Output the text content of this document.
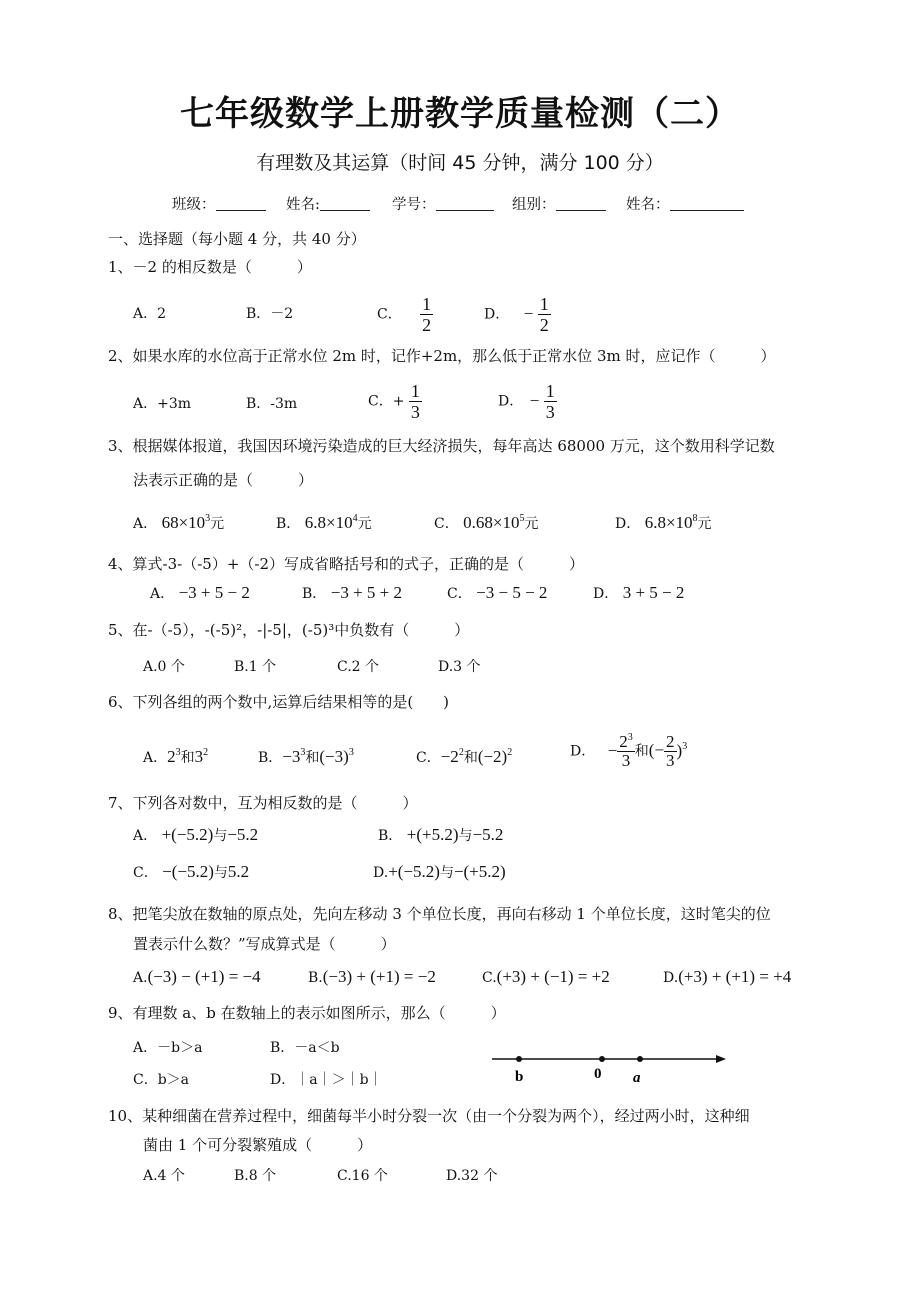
七年级数学上册教学质量检测（二）
有理数及其运算（时间 45 分钟，满分 100 分）
班级：	姓名:	学号：	组别：	姓名：
一、选择题（每小题 4 分，共 40 分）
1、－2 的相反数是（　　　）
A．2	B．－2	C． $\frac{1}{2}$	D． − $\frac{1}{2}$
2、如果水库的水位高于正常水位 2m 时，记作+2m，那么低于正常水位 3m 时，应记作（　　　）
A．+3m	B．-3m	C．+ $\frac{1}{3}$	D． − $\frac{1}{3}$
3、根据媒体报道，我国因环境污染造成的巨大经济损失，每年高达 68000 万元，这个数用科学记数
法表示正确的是（　　　）
A． $68\times 10^3$元	B． $6.8\times 10^4$元	C． $0.68\times 10^5$元	D． $6.8\times 10^8$元
4、算式-3-（-5）+（-2）写成省略括号和的式子，正确的是（　　　）
A． −3 + 5 − 2	B． −3 + 5 + 2	C． −3 − 5 − 2	D． 3 + 5 − 2
5、在-（-5），-(-5)²，-|-5|，(-5)³中负数有（　　　）
A.0 个	B.1 个	C.2 个	D.3 个
6、下列各组的两个数中,运算后结果相等的是(　　)
A．$2^3$和$3^2$	B．$-3^3$和$(-3)^3$	C．$-2^2$和$(-2)^2$	D． − $\frac{2^3}{3}$ 和(− $\frac{2}{3} )^3$
7、下列各对数中，互为相反数的是（　　　）
A． +(−5.2)与−5.2	B． +(+5.2)与−5.2
C． −(−5.2)与5.2	D.+(−5.2)与−(+5.2)
8、把笔尖放在数轴的原点处，先向左移动 3 个单位长度，再向右移动 1 个单位长度，这时笔尖的位
置表示什么数？”写成算式是（　　　）
A.(−3) − (+1) = −4	B.(−3) + (+1) = −2	C.(+3) + (−1) = +2	D.(+3) + (+1) = +4
9、有理数 a、b 在数轴上的表示如图所示，那么（　　　）
A．－b＞a	B．－a＜b
C．b＞a	D．｜a｜＞｜b｜	b	0 a
10、某种细菌在营养过程中，细菌每半小时分裂一次（由一个分裂为两个），经过两小时，这种细
菌由 1 个可分裂繁殖成（　　　）
A.4 个	B.8 个	C.16 个	D.32 个
